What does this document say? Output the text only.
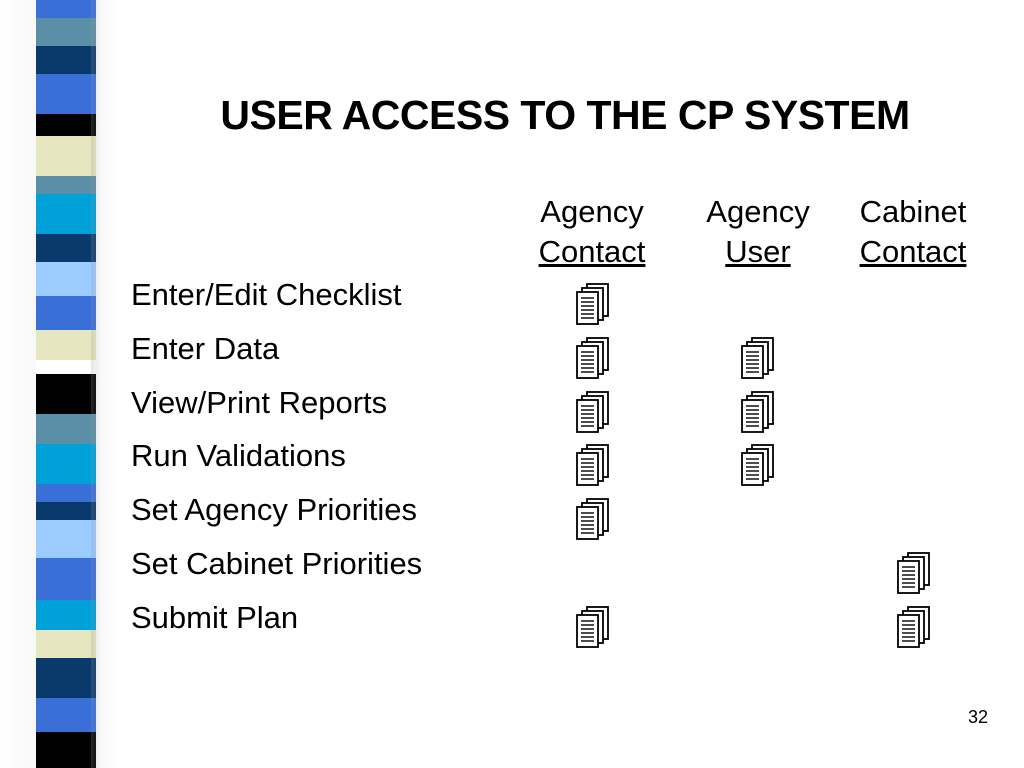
USER ACCESS TO THE CP SYSTEM
Agency
Contact
Agency
User
Cabinet
Contact
Enter/Edit Checklist
Enter Data
View/Print Reports
Run Validations
Set Agency Priorities
Set Cabinet Priorities
Submit Plan
32
